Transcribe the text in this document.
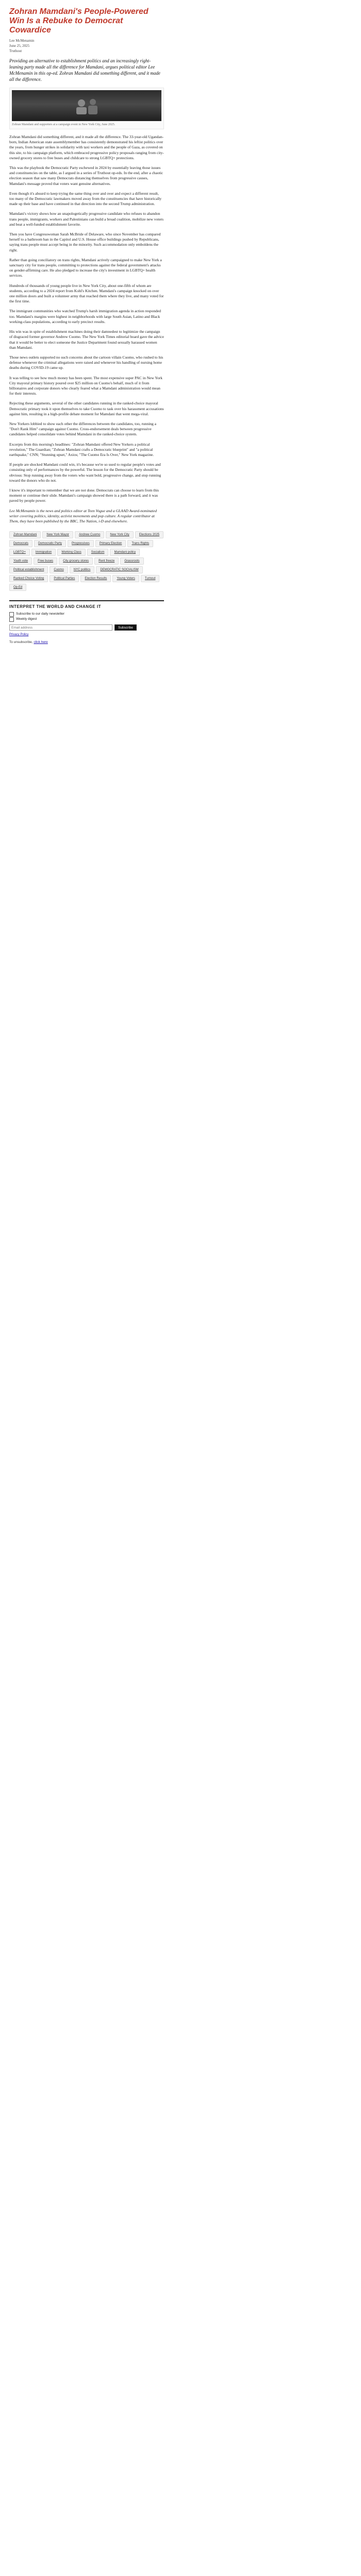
Zohran Mamdani's People-Powered Win Is a Rebuke to Democrat Cowardice

Lee McMenamin

June 25, 2025

Truthout

Providing an alternative to establishment politics and an increasingly right-leaning party made all the difference for Mamdani, argues political editor Lee McMenamin in this op-ed. Zohran Mamdani did something different, and it made all the difference.

Zohran Mamdani and supporters at a campaign event in New York City, June 2025.

Zohran Mamdani did something different, and it made all the difference. The 33-year-old Ugandan-born, Indian American state assemblymember has consistently demonstrated his leftist politics over the years, from hunger strikes in solidarity with taxi workers and the people of Gaza, as covered on this site, to his campaign platform, which embraced progressive policy proposals ranging from city-owned grocery stores to free buses and childcare to strong LGBTQ+ protections.

This was the playbook the Democratic Party eschewed in 2024 by essentially leaving those issues and constituencies on the table, as I argued in a series of Truthout op-eds. In the end, after a chaotic election season that saw many Democrats distancing themselves from progressive causes, Mamdani's message proved that voters want genuine alternatives.

Even though it's absurd to keep trying the same thing over and over and expect a different result, too many of the Democratic lawmakers moved away from the constituencies that have historically made up their base and have continued in that direction into the second Trump administration.

Mamdani's victory shows how an unapologetically progressive candidate who refuses to abandon trans people, immigrants, workers and Palestinians can build a broad coalition, mobilize new voters and beat a well-funded establishment favorite.

Then you have Congresswoman Sarah McBride of Delaware, who since November has compared herself to a bathroom ban in the Capitol and U.S. House office buildings pushed by Republicans, saying trans people must accept being in the minority. Such accommodation only emboldens the right.

Rather than going conciliatory on trans rights, Mamdani actively campaigned to make New York a sanctuary city for trans people, committing to protections against the federal government's attacks on gender-affirming care. He also pledged to increase the city's investment in LGBTQ+ health services.

Hundreds of thousands of young people live in New York City, about one-fifth of whom are students, according to a 2024 report from Kohl's Kitchen. Mamdani's campaign knocked on over one million doors and built a volunteer army that reached them where they live, and many voted for the first time.

The immigrant communities who watched Trump's harsh immigration agenda in action responded too. Mamdani's margins were highest in neighborhoods with large South Asian, Latino and Black working-class populations, according to early precinct results.

His win was in spite of establishment machines doing their damnedest to legitimize the campaign of disgraced former governor Andrew Cuomo. The New York Times editorial board gave the advice that it would be better to elect someone the Justice Department found sexually harassed women than Mamdani.

Those news outlets supported no such concerns about the cartoon villain Cuomo, who rushed to his defense whenever the criminal allegations were raised and whenever his handling of nursing home deaths during COVID-19 came up.

It was telling to see how much money has been spent. The most expensive super PAC in New York City mayoral primary history poured over $25 million on Cuomo's behalf, much of it from billionaires and corporate donors who clearly feared what a Mamdani administration would mean for their interests.

Rejecting these arguments, several of the other candidates running in the ranked-choice mayoral Democratic primary took it upon themselves to take Cuomo to task over his harassment accusations against him, resulting in a high-profile debate moment for Mamdani that went mega-viral.

New Yorkers lobbied to show each other the differences between the candidates, too, running a "Don't Rank Him" campaign against Cuomo. Cross-endorsement deals between progressive candidates helped consolidate votes behind Mamdani in the ranked-choice system.

Excerpts from this morning's headlines: "Zohran Mamdani offered New Yorkers a political revolution," The Guardian; "Zohran Mamdani crafts a Democratic blueprint" and "a political earthquake," CNN; "Stunning upset," Axios; "The Cuomo Era Is Over," New York magazine.

If people are shocked Mamdani could win, it's because we're so used to regular people's votes and consisting only of performances by the powerful. The lesson for the Democratic Party should be obvious: Stop running away from the voters who want bold, progressive change, and stop running toward the donors who do not.

I know it's important to remember that we are not done. Democrats can choose to learn from this moment or continue their slide. Mamdani's campaign showed there is a path forward, and it was paved by people power.

Lee McMenamin is the news and politics editor at Teen Vogue and a GLAAD Award-nominated writer covering politics, identity, activist movements and pop culture. A regular contributor at Them, they have been published by the BBC, The Nation, i-D and elsewhere.

Zohran Mamdani	New York Mayor	Andrew Cuomo	New York City	Elections 2025
Democrats	Democratic Party	Progressives	Primary Election	Trans Rights
LGBTQ+	Immigration	Working Class	Socialism	Mamdani policy
Youth vote	Free buses	City grocery stores	Rent freeze	Grassroots
Political establishment	Cuomo	NYC politics	DEMOCRATIC SOCIALISM
Ranked Choice Voting	Political Parties	Election Results	Young Voters	Turnout
Op-Ed

INTERPRET THE WORLD AND CHANGE IT

Subscribe to our daily newsletter
Weekly digest
Email address
Subscribe
Privacy Policy

To unsubscribe, click here
